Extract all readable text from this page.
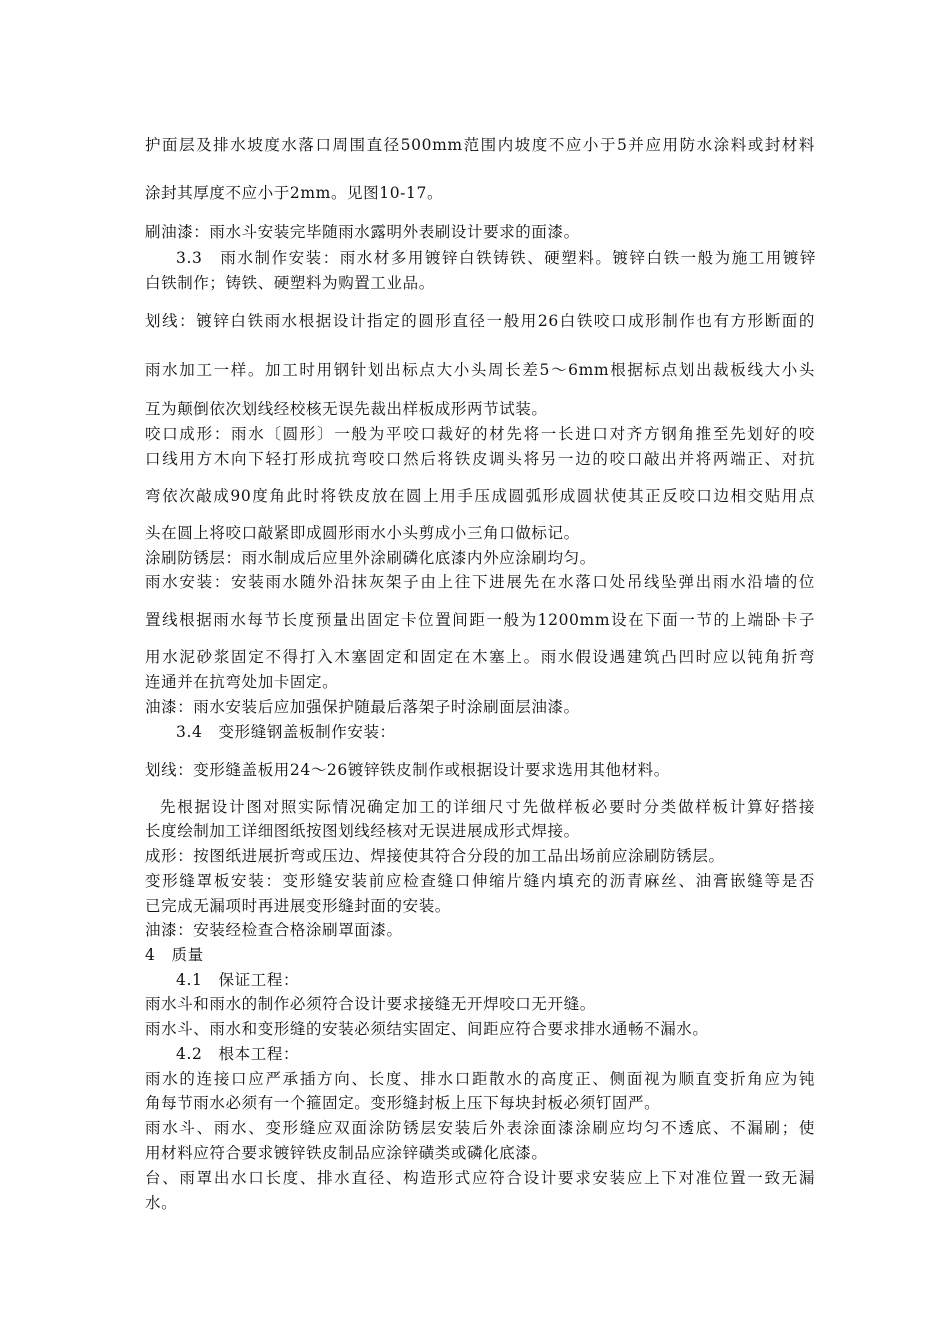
护面层及排水坡度水落口周围直径500mm范围内坡度不应小于5并应用防水涂料或封材料
涂封其厚度不应小于2mm。见图10-17。
刷油漆：雨水斗安装完毕随雨水露明外表刷设计要求的面漆。
3.3　雨水制作安装：雨水材多用镀锌白铁铸铁、硬塑料。镀锌白铁一般为施工用镀锌
白铁制作；铸铁、硬塑料为购置工业品。
划线：镀锌白铁雨水根据设计指定的圆形直径一般用26白铁咬口成形制作也有方形断面的
雨水加工一样。加工时用钢针划出标点大小头周长差5～6mm根据标点划出裁板线大小头
互为颠倒依次划线经校核无误先裁出样板成形两节试装。
咬口成形：雨水〔圆形〕一般为平咬口裁好的材先将一长进口对齐方钢角推至先划好的咬
口线用方木向下轻打形成抗弯咬口然后将铁皮调头将另一边的咬口敲出并将两端正、对抗
弯依次敲成90度角此时将铁皮放在圆上用手压成圆弧形成圆状使其正反咬口边相交贴用点
头在圆上将咬口敲紧即成圆形雨水小头剪成小三角口做标记。
涂刷防锈层：雨水制成后应里外涂刷磷化底漆内外应涂刷均匀。
雨水安装：安装雨水随外沿抹灰架子由上往下进展先在水落口处吊线坠弹出雨水沿墙的位
置线根据雨水每节长度预量出固定卡位置间距一般为1200mm设在下面一节的上端卧卡子
用水泥砂浆固定不得打入木塞固定和固定在木塞上。雨水假设遇建筑凸凹时应以钝角折弯
连通并在抗弯处加卡固定。
油漆：雨水安装后应加强保护随最后落架子时涂刷面层油漆。
3.4　变形缝钢盖板制作安装：
划线：变形缝盖板用24～26镀锌铁皮制作或根据设计要求选用其他材料。
先根据设计图对照实际情况确定加工的详细尺寸先做样板必要时分类做样板计算好搭接
长度绘制加工详细图纸按图划线经核对无误进展成形式焊接。
成形：按图纸进展折弯或压边、焊接使其符合分段的加工品出场前应涂刷防锈层。
变形缝罩板安装：变形缝安装前应检查缝口伸缩片缝内填充的沥青麻丝、油膏嵌缝等是否
已完成无漏项时再进展变形缝封面的安装。
油漆：安装经检查合格涂刷罩面漆。
4　质量
4.1　保证工程：
雨水斗和雨水的制作必须符合设计要求接缝无开焊咬口无开缝。
雨水斗、雨水和变形缝的安装必须结实固定、间距应符合要求排水通畅不漏水。
4.2　根本工程：
雨水的连接口应严承插方向、长度、排水口距散水的高度正、侧面视为顺直变折角应为钝
角每节雨水必须有一个箍固定。变形缝封板上压下每块封板必须钉固严。
雨水斗、雨水、变形缝应双面涂防锈层安装后外表涂面漆涂刷应均匀不透底、不漏刷；使
用材料应符合要求镀锌铁皮制品应涂锌磺类或磷化底漆。
台、雨罩出水口长度、排水直径、构造形式应符合设计要求安装应上下对准位置一致无漏
水。
